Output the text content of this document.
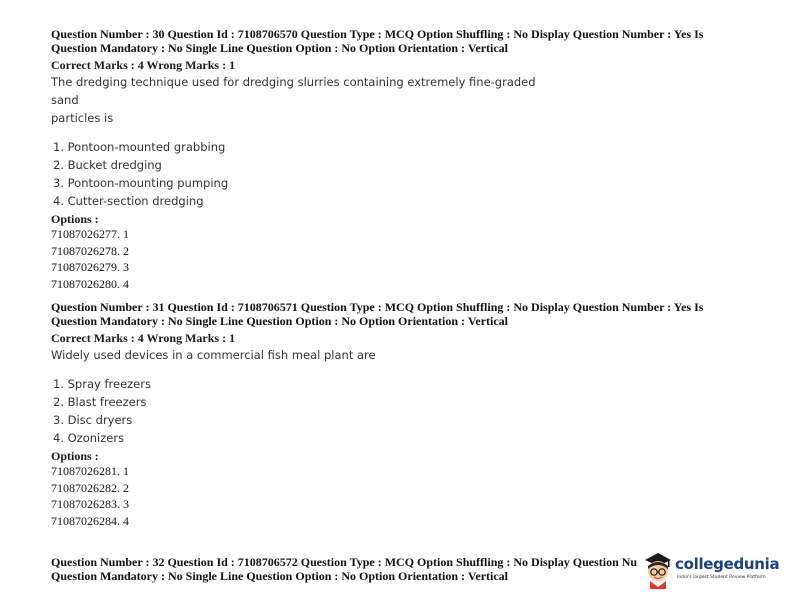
Question Number : 30 Question Id : 7108706570 Question Type : MCQ Option Shuffling : No Display Question Number : Yes Is
Question Mandatory : No Single Line Question Option : No Option Orientation : Vertical
Correct Marks : 4 Wrong Marks : 1
The dredging technique used for dredging slurries containing extremely fine-graded sand
particles is
1. Pontoon-mounted grabbing
2. Bucket dredging
3. Pontoon-mounting pumping
4. Cutter-section dredging
Options :
71087026277. 1
71087026278. 2
71087026279. 3
71087026280. 4
Question Number : 31 Question Id : 7108706571 Question Type : MCQ Option Shuffling : No Display Question Number : Yes Is
Question Mandatory : No Single Line Question Option : No Option Orientation : Vertical
Correct Marks : 4 Wrong Marks : 1
Widely used devices in a commercial fish meal plant are
1. Spray freezers
2. Blast freezers
3. Disc dryers
4. Ozonizers
Options :
71087026281. 1
71087026282. 2
71087026283. 3
71087026284. 4
Question Number : 32 Question Id : 7108706572 Question Type : MCQ Option Shuffling : No Display Question Nu
Question Mandatory : No Single Line Question Option : No Option Orientation : Vertical
collegedunia
India's largest Student Review Platform
